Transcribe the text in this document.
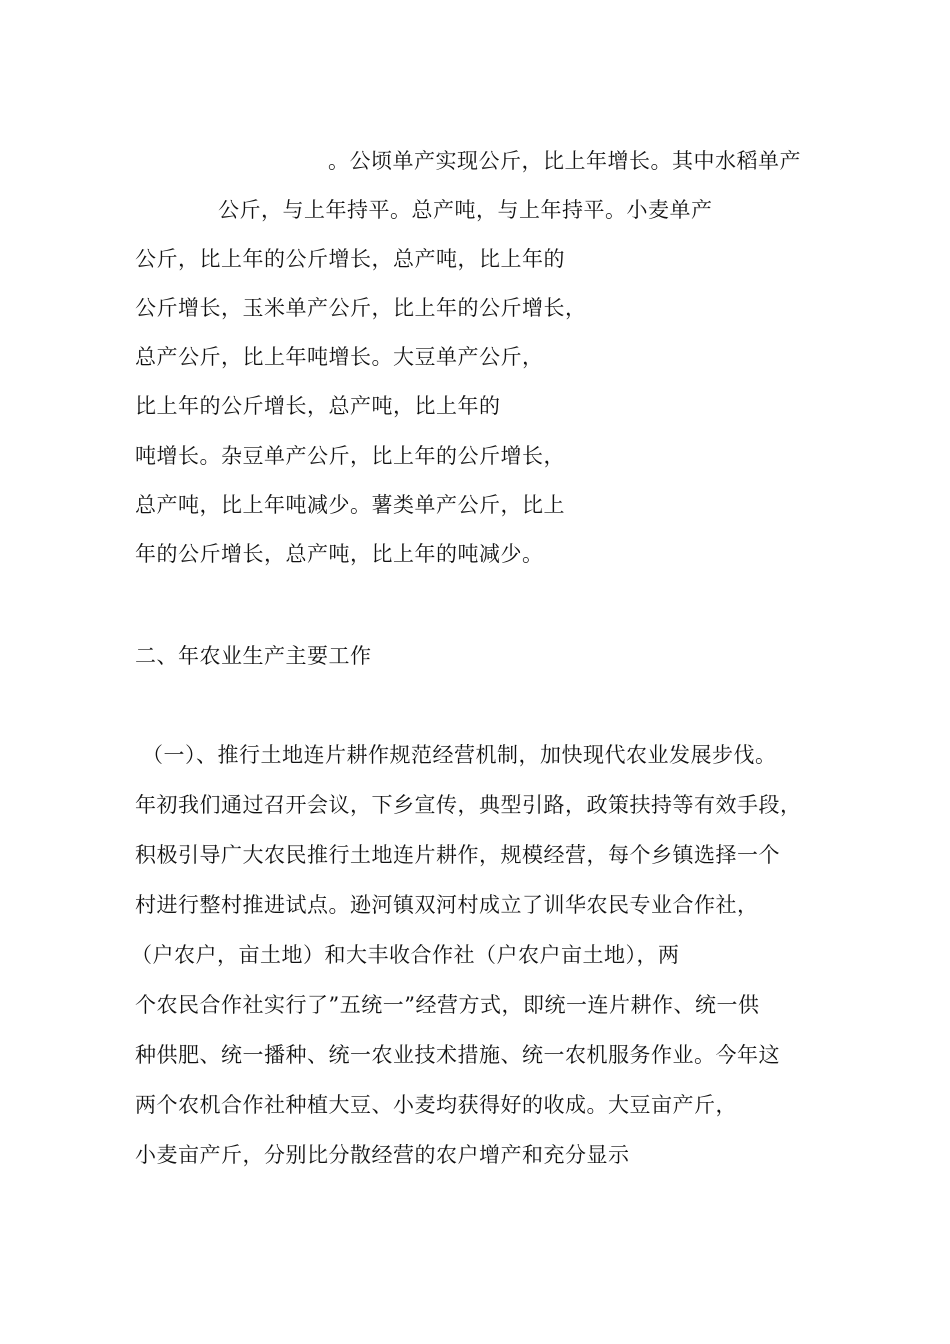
。公顷单产实现公斤，比上年增长。其中水稻单产
公斤，与上年持平。总产吨，与上年持平。小麦单产
公斤，比上年的公斤增长，总产吨，比上年的
公斤增长，玉米单产公斤，比上年的公斤增长，
总产公斤，比上年吨增长。大豆单产公斤，
比上年的公斤增长，总产吨，比上年的
吨增长。杂豆单产公斤，比上年的公斤增长，
总产吨，比上年吨减少。薯类单产公斤，比上
年的公斤增长，总产吨，比上年的吨减少。
二、年农业生产主要工作
（一）、推行土地连片耕作规范经营机制，加快现代农业发展步伐。
年初我们通过召开会议，下乡宣传，典型引路，政策扶持等有效手段，
积极引导广大农民推行土地连片耕作，规模经营，每个乡镇选择一个
村进行整村推进试点。逊河镇双河村成立了训华农民专业合作社，
（户农户，亩土地）和大丰收合作社（户农户亩土地），两
个农民合作社实行了”五统一”经营方式，即统一连片耕作、统一供
种供肥、统一播种、统一农业技术措施、统一农机服务作业。今年这
两个农机合作社种植大豆、小麦均获得好的收成。大豆亩产斤，
小麦亩产斤，分别比分散经营的农户增产和充分显示
